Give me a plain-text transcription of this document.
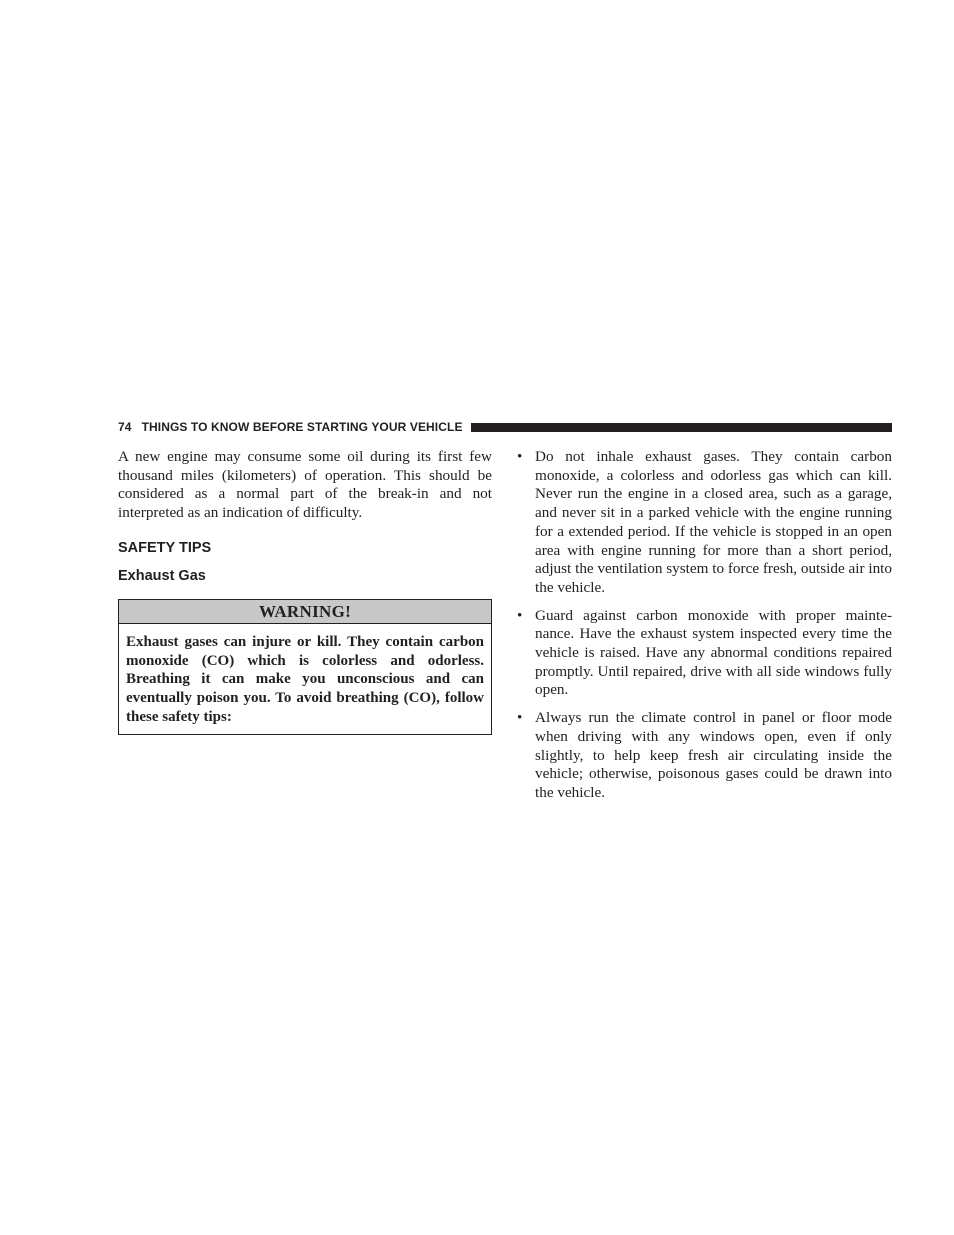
74 THINGS TO KNOW BEFORE STARTING YOUR VEHICLE

A new engine may consume some oil during its first few thousand miles (kilometers) of operation. This should be considered as a normal part of the break-in and not interpreted as an indication of difficulty.

SAFETY TIPS
Exhaust Gas
WARNING!
Exhaust gases can injure or kill. They contain carbon monoxide (CO) which is colorless and odorless. Breathing it can make you unconscious and can eventually poison you. To avoid breathing (CO), follow these safety tips:
• Do not inhale exhaust gases. They contain carbon monoxide, a colorless and odorless gas which can kill. Never run the engine in a closed area, such as a garage, and never sit in a parked vehicle with the engine running for a extended period. If the vehicle is stopped in an open area with engine running for more than a short period, adjust the ventilation system to force fresh, outside air into the vehicle.

• Guard against carbon monoxide with proper mainte-nance. Have the exhaust system inspected every time the vehicle is raised. Have any abnormal conditions repaired promptly. Until repaired, drive with all side windows fully open.

• Always run the climate control in panel or floor mode when driving with any windows open, even if only slightly, to help keep fresh air circulating inside the vehicle; otherwise, poisonous gases could be drawn into the vehicle.
